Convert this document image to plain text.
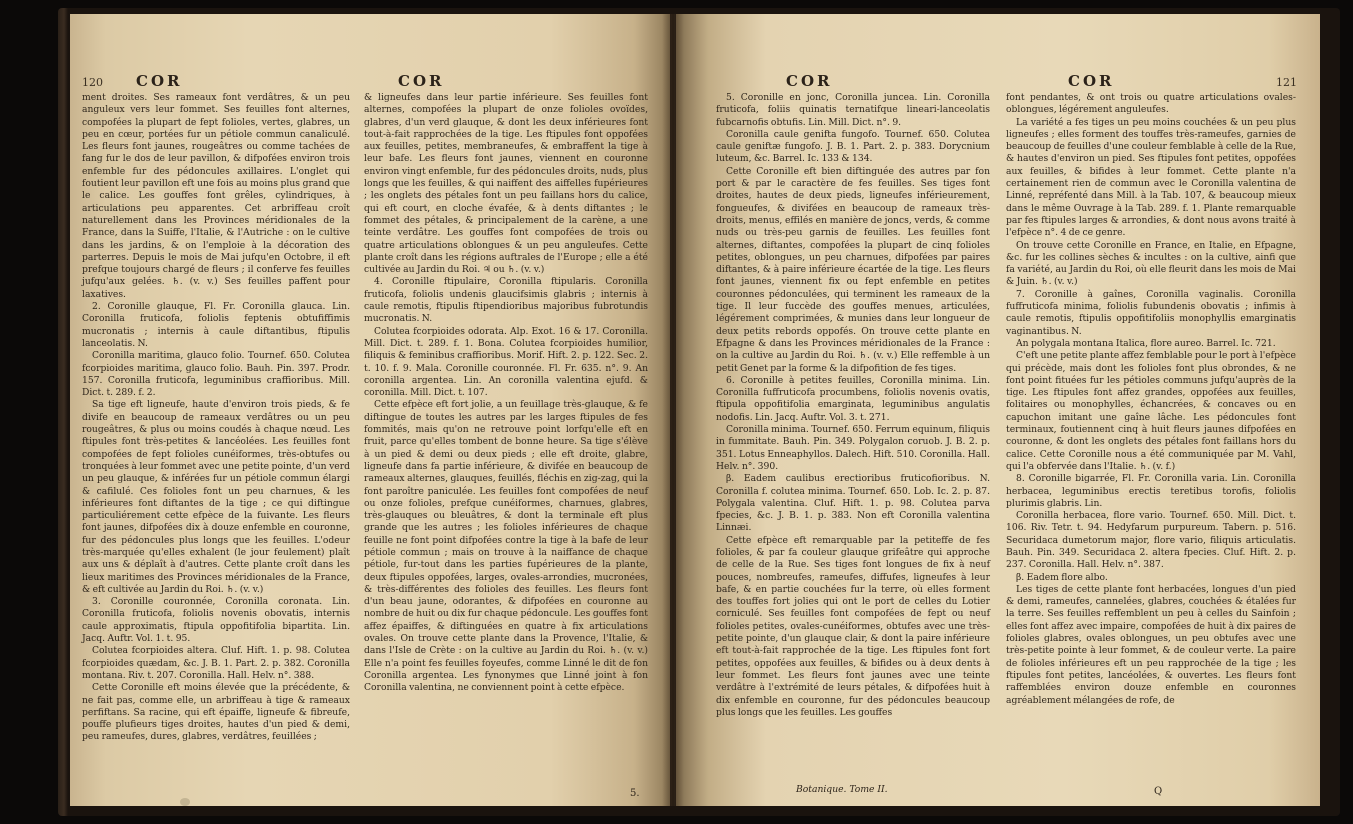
120 COR	COR

ment droites. Ses rameaux font verdâtres, & un peu anguleux vers leur fommet. Ses feuilles font alternes, compofées la plupart de fept folioles, vertes, glabres, un peu en cœur, portées fur un pétiole commun canaliculé. Les fleurs font jaunes, rougeâtres ou comme tachées de fang fur le dos de leur pavillon, & difpofées environ trois enfemble fur des pédoncules axillaires. L'onglet qui foutient leur pavillon eft une fois au moins plus grand que le calice. Les gouffes font grêles, cylindriques, à articulations peu apparentes. Cet arbriffeau croît naturellement dans les Provinces méridionales de la France, dans la Suiffe, l'Italie, & l'Autriche : on le cultive dans les jardins, & on l'emploie à la décoration des parterres. Depuis le mois de Mai jufqu'en Octobre, il eft prefque toujours chargé de fleurs ; il conferve fes feuilles jufqu'aux gelées. ♄. (v. v.) Ses feuilles paffent pour laxatives.

2. Coronille glauque, Fl. Fr. Coronilla glauca. Lin. Coronilla fruticofa, foliolis feptenis obtufiffimis mucronatis ; internis à caule diftantibus, ftipulis lanceolatis. N.

Coronilla maritima, glauco folio. Tournef. 650. Colutea fcorpioides maritima, glauco folio. Bauh. Pin. 397. Prodr. 157. Coronilla fruticofa, leguminibus craffioribus. Mill. Dict. t. 289. f. 2.

Sa tige eft ligneufe, haute d'environ trois pieds, & fe divife en beaucoup de rameaux verdâtres ou un peu rougeâtres, & plus ou moins coudés à chaque nœud. Les ftipules font très-petites & lancéolées. Les feuilles font compofées de fept folioles cunéiformes, très-obtufes ou tronquées à leur fommet avec une petite pointe, d'un verd un peu glauque, & inférées fur un pétiole commun élargi & cafilulé. Ces folioles font un peu charnues, & les inférieures font diftantes de la tige ; ce qui diftingue particuliérement cette efpèce de la fuivante. Les fleurs font jaunes, difpofées dix à douze enfemble en couronne, fur des pédoncules plus longs que les feuilles. L'odeur très-marquée qu'elles exhalent (le jour feulement) plaît aux uns & déplaît à d'autres. Cette plante croît dans les lieux maritimes des Provinces méridionales de la France, & eft cultivée au Jardin du Roi. ♄. (v. v.)

3. Coronille couronnée, Coronilla coronata. Lin. Coronilla fruticofa, foliolis novenis obovatis, internis caule approximatis, ftipula oppofitifolia bipartita. Lin. Jacq. Auftr. Vol. 1. t. 95.

Colutea fcorpioides altera. Cluf. Hift. 1. p. 98. Colutea fcorpioides quædam, &c. J. B. 1. Part. 2. p. 382. Coronilla montana. Riv. t. 207. Coronilla. Hall. Helv. n°. 388.

Cette Coronille eft moins élevée que la précédente, & ne fait pas, comme elle, un arbriffeau à tige & rameaux perfiftans. Sa racine, qui eft épaiffe, ligneufe & fibreufe, pouffe plufieurs tiges droites, hautes d'un pied & demi, peu rameufes, dures, glabres, verdâtres, feuillées ;

& ligneufes dans leur partie inférieure. Ses feuilles font alternes, compofées la plupart de onze folioles ovoïdes, glabres, d'un verd glauque, & dont les deux inférieures font tout-à-fait rapprochées de la tige. Les ftipules font oppofées aux feuilles, petites, membraneufes, & embraffent la tige à leur bafe. Les fleurs font jaunes, viennent en couronne environ vingt enfemble, fur des pédoncules droits, nuds, plus longs que les feuilles, & qui naiffent des aiffelles fupérieures ; les onglets des pétales font un peu faillans hors du calice, qui eft court, en cloche évafée, & à dents diftantes ; le fommet des pétales, & principalement de la carène, a une teinte verdâtre. Les gouffes font compofées de trois ou quatre articulations oblongues & un peu anguleufes. Cette plante croît dans les régions auftrales de l'Europe ; elle a été cultivée au Jardin du Roi. ♃ ou ♄. (v. v.)

4. Coronille ftipulaire, Coronilla ftipularis. Coronilla fruticofa, foliolis undenis glaucifsimis glabris ; internis à caule remotis, ftipulis ftipendioribus majoribus fubrotundis mucronatis. N.

Colutea fcorpioides odorata. Alp. Exot. 16 & 17. Coronilla. Mill. Dict. t. 289. f. 1. Bona. Colutea fcorpioides humilior, filiquis & feminibus craffioribus. Morif. Hift. 2. p. 122. Sec. 2. t. 10. f. 9. Mala. Coronille couronnée. Fl. Fr. 635. n°. 9. An coronilla argentea. Lin. An coronilla valentina ejufd. & coronilla. Mill. Dict. t. 107.

Cette efpèce eft fort jolie, a un feuillage très-glauque, & fe diftingue de toutes les autres par les larges ftipules de fes fommités, mais qu'on ne retrouve point lorfqu'elle eft en fruit, parce qu'elles tombent de bonne heure. Sa tige s'élève à un pied & demi ou deux pieds ; elle eft droite, glabre, ligneufe dans fa partie inférieure, & divifée en beaucoup de rameaux alternes, glauques, feuillés, fléchis en zig-zag, qui la font paroître paniculée. Les feuilles font compofées de neuf ou onze folioles, prefque cunéiformes, charnues, glabres, très-glauques ou bleuâtres, & dont la terminale eft plus grande que les autres ; les folioles inférieures de chaque feuille ne font point difpofées contre la tige à la bafe de leur pétiole commun ; mais on trouve à la naiffance de chaque pétiole, fur-tout dans les parties fupérieures de la plante, deux ftipules oppofées, larges, ovales-arrondies, mucronées, & très-différentes des folioles des feuilles. Les fleurs font d'un beau jaune, odorantes, & difpofées en couronne au nombre de huit ou dix fur chaque pédoncule. Les gouffes font affez épaiffes, & diftinguées en quatre à fix articulations ovales. On trouve cette plante dans la Provence, l'Italie, & dans l'Isle de Crète : on la cultive au Jardin du Roi. ♄. (v. v.) Elle n'a point fes feuilles foyeufes, comme Linné le dit de fon Coronilla argentea. Les fynonymes que Linné joint à fon Coronilla valentina, ne conviennent point à cette efpèce.

5.
COR	COR	121

5. Coronille en jonc, Coronilla juncea. Lin. Coronilla fruticofa, foliis quinatis ternatifque lineari-lanceolatis fubcarnofis obtufis. Lin. Mill. Dict. n°. 9.

Coronilla caule genifta fungofo. Tournef. 650. Colutea caule geniftæ fungofo. J. B. 1. Part. 2. p. 383. Dorycnium luteum, &c. Barrel. Ic. 133 & 134.

Cette Coronille eft bien diftinguée des autres par fon port & par le caractère de fes feuilles. Ses tiges font droites, hautes de deux pieds, ligneufes inférieurement, fongueufes, & divifées en beaucoup de rameaux très-droits, menus, effilés en manière de joncs, verds, & comme nuds ou très-peu garnis de feuilles. Les feuilles font alternes, diftantes, compofées la plupart de cinq folioles petites, oblongues, un peu charnues, difpofées par paires diftantes, & à paire inférieure écartée de la tige. Les fleurs font jaunes, viennent fix ou fept enfemble en petites couronnes pédonculées, qui terminent les rameaux de la tige. Il leur fuccède des gouffes menues, articulées, légérement comprimées, & munies dans leur longueur de deux petits rebords oppofés. On trouve cette plante en Efpagne & dans les Provinces méridionales de la France : on la cultive au Jardin du Roi. ♄. (v. v.) Elle reffemble à un petit Genet par la forme & la difpofition de fes tiges.

6. Coronille à petites feuilles, Coronilla minima. Lin. Coronilla fuffruticofa procumbens, foliolis novenis ovatis, ftipula oppofitifolia emarginata, leguminibus angulatis nodofis. Lin. Jacq. Auftr. Vol. 3. t. 271.

Coronilla minima. Tournef. 650. Ferrum equinum, filiquis in fummitate. Bauh. Pin. 349. Polygalon coruob. J. B. 2. p. 351. Lotus Enneaphyllos. Dalech. Hift. 510. Coronilla. Hall. Helv. n°. 390.

β. Eadem caulibus erectioribus fruticofioribus. N. Coronilla f. colutea minima. Tournef. 650. Lob. Ic. 2. p. 87. Polygala valentina. Cluf. Hift. 1. p. 98. Colutea parva fpecies, &c. J. B. 1. p. 383. Non eft Coronilla valentina Linnæi.

Cette efpèce eft remarquable par la petiteffe de fes folioles, & par fa couleur glauque grifeâtre qui approche de celle de la Rue. Ses tiges font longues de fix à neuf pouces, nombreufes, rameufes, diffufes, ligneufes à leur bafe, & en partie couchées fur la terre, où elles forment des touffes fort jolies qui ont le port de celles du Lotier corniculé. Ses feuilles font compofées de fept ou neuf folioles petites, ovales-cunéiformes, obtufes avec une très-petite pointe, d'un glauque clair, & dont la paire inférieure eft tout-à-fait rapprochée de la tige. Les ftipules font fort petites, oppofées aux feuilles, & bifides ou à deux dents à leur fommet. Les fleurs font jaunes avec une teinte verdâtre à l'extrémité de leurs pétales, & difpofées huit à dix enfemble en couronne, fur des pédoncules beaucoup plus longs que les feuilles. Les gouffes

font pendantes, & ont trois ou quatre articulations ovales-oblongues, légérement anguleufes.

La variété a fes tiges un peu moins couchées & un peu plus ligneufes ; elles forment des touffes très-rameufes, garnies de beaucoup de feuilles d'une couleur femblable à celle de la Rue, & hautes d'environ un pied. Ses ftipules font petites, oppofées aux feuilles, & bifides à leur fommet. Cette plante n'a certainement rien de commun avec le Coronilla valentina de Linné, repréfenté dans Mill. à la Tab. 107, & beaucoup mieux dans le même Ouvrage à la Tab. 289. f. 1. Plante remarquable par fes ftipules larges & arrondies, & dont nous avons traité à l'efpèce n°. 4 de ce genre.

On trouve cette Coronille en France, en Italie, en Efpagne, &c. fur les collines sèches & incultes : on la cultive, ainfi que fa variété, au Jardin du Roi, où elle fleurit dans les mois de Mai & Juin. ♄. (v. v.)

7. Coronille à gaînes, Coronilla vaginalis. Coronilla fuffruticofa minima, foliolis fubundenis obovatis ; infimis à caule remotis, ftipulis oppofitifoliis monophyllis emarginatis vaginantibus. N.

An polygala montana Italica, flore aureo. Barrel. Ic. 721.

C'eft une petite plante affez femblable pour le port à l'efpèce qui précède, mais dont les folioles font plus obrondes, & ne font point fituées fur les pétioles communs jufqu'auprès de la tige. Les ftipules font affez grandes, oppofées aux feuilles, folitaires ou monophylles, échancrées, & concaves ou en capuchon imitant une gaîne lâche. Les pédoncules font terminaux, foutiennent cinq à huit fleurs jaunes difpofées en couronne, & dont les onglets des pétales font faillans hors du calice. Cette Coronille nous a été communiquée par M. Vahl, qui l'a obfervée dans l'Italie. ♄. (v. f.)

8. Coronille bigarrée, Fl. Fr. Coronilla varia. Lin. Coronilla herbacea, leguminibus erectis teretibus torofis, foliolis plurimis glabris. Lin.

Coronilla herbacea, flore vario. Tournef. 650. Mill. Dict. t. 106. Riv. Tetr. t. 94. Hedyfarum purpureum. Tabern. p. 516. Securidaca dumetorum major, flore vario, filiquis articulatis. Bauh. Pin. 349. Securidaca 2. altera fpecies. Cluf. Hift. 2. p. 237. Coronilla. Hall. Helv. n°. 387.

β. Eadem flore albo.

Les tiges de cette plante font herbacées, longues d'un pied & demi, rameufes, cannelées, glabres, couchées & étalées fur la terre. Ses feuilles reffemblent un peu à celles du Sainfoin ; elles font affez avec impaire, compofées de huit à dix paires de folioles glabres, ovales oblongues, un peu obtufes avec une très-petite pointe à leur fommet, & de couleur verte. La paire de folioles inférieures eft un peu rapprochée de la tige ; les ftipules font petites, lancéolées, & ouvertes. Les fleurs font raffemblées environ douze enfemble en couronnes agréablement mélangées de rofe, de

Botanique. Tome II.	Q
